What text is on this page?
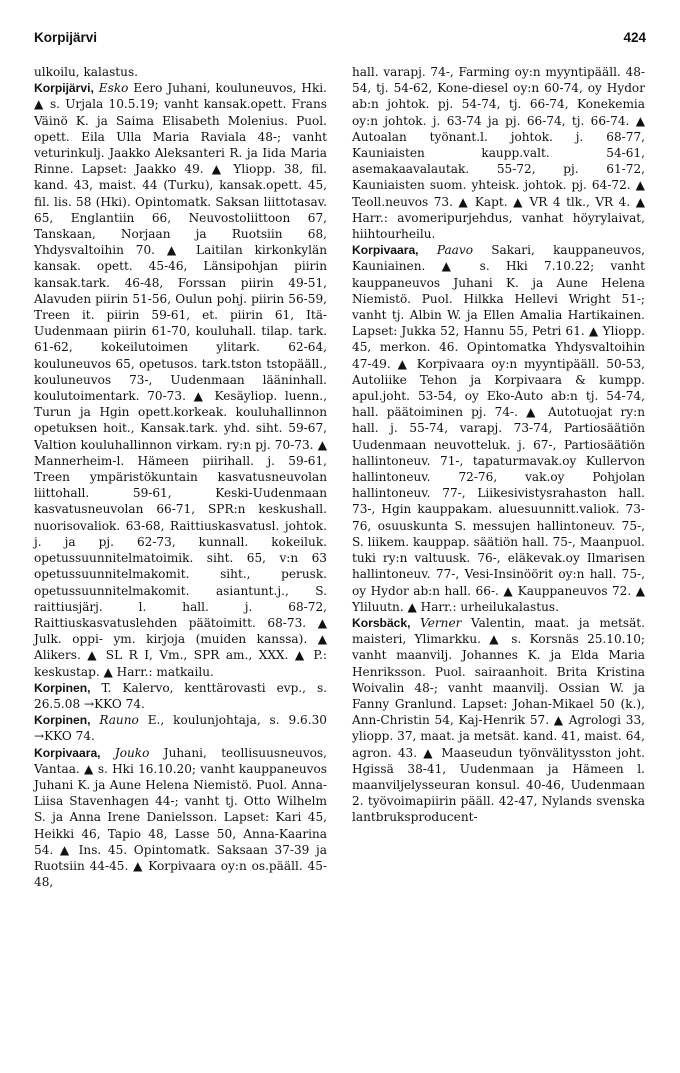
Korpijärvi	424

ulkoilu, kalastus.

Korpijärvi, Esko Eero Juhani, kouluneuvos, Hki. ▲ s. Urjala 10.5.19; vanht kansak.opett. Frans Väinö K. ja Saima Elisabeth Molenius. Puol. opett. Eila Ulla Maria Raviala 48-; vanht veturinkulj. Jaakko Aleksanteri R. ja Iida Maria Rinne. Lapset: Jaakko 49. ▲ Yliopp. 38, fil. kand. 43, maist. 44 (Turku), kansak.opett. 45, fil. lis. 58 (Hki). Opintomatk. Saksan liittotasav. 65, Englantiin 66, Neuvostoliittoon 67, Tanskaan, Norjaan ja Ruotsiin 68, Yhdysvaltoihin 70. ▲ Laitilan kirkonkylän kansak. opett. 45-46, Länsipohjan piirin kansak.tark. 46-48, Forssan piirin 49-51, Alavuden piirin 51-56, Oulun pohj. piirin 56-59, Treen it. piirin 59-61, et. piirin 61, Itä-Uudenmaan piirin 61-70, kouluhall. tilap. tark. 61-62, kokeilutoimen ylitark. 62-64, kouluneuvos 65, opetusos. tark.tston tstopääll., kouluneuvos 73-, Uudenmaan lääninhall. koulutoimentark. 70-73. ▲ Kesäyliop. luenn., Turun ja Hgin opett.korkeak. kouluhallinnon opetuksen hoit., Kansak.tark. yhd. siht. 59-67, Valtion kouluhallinnon virkam. ry:n pj. 70-73. ▲ Mannerheim-l. Hämeen piirihall. j. 59-61, Treen ympäristökuntain kasvatusneuvolan liittohall. 59-61, Keski-Uudenmaan kasvatusneuvolan 66-71, SPR:n keskushall. nuorisovaliok. 63-68, Raittiuskasvatusl. johtok. j. ja pj. 62-73, kunnall. kokeiluk. opetussuunnitelmatoimik. siht. 65, v:n 63 opetussuunnitelmakomit. siht., perusk. opetussuunnitelmakomit. asiantunt.j., S. raittiusjärj. l. hall. j. 68-72, Raittiuskasvatuslehden päätoimitt. 68-73. ▲ Julk. oppi- ym. kirjoja (muiden kanssa). ▲ Alikers. ▲ SL R I, Vm., SPR am., XXX. ▲ P.: keskustap. ▲ Harr.: matkailu.

Korpinen, T. Kalervo, kenttärovasti evp., s. 26.5.08 →KKO 74.

Korpinen, Rauno E., koulunjohtaja, s. 9.6.30 →KKO 74.

Korpivaara, Jouko Juhani, teollisuusneuvos, Vantaa. ▲ s. Hki 16.10.20; vanht kauppaneuvos Juhani K. ja Aune Helena Niemistö. Puol. Anna-Liisa Stavenhagen 44-; vanht tj. Otto Wilhelm S. ja Anna Irene Danielsson. Lapset: Kari 45, Heikki 46, Tapio 48, Lasse 50, Anna-Kaarina 54. ▲ Ins. 45. Opintomatk. Saksaan 37-39 ja Ruotsiin 44-45. ▲ Korpivaara oy:n os.pääll. 45-48,

hall. varapj. 74-, Farming oy:n myyntipääll. 48-54, tj. 54-62, Kone-diesel oy:n 60-74, oy Hydor ab:n johtok. pj. 54-74, tj. 66-74, Konekemia oy:n johtok. j. 63-74 ja pj. 66-74, tj. 66-74. ▲ Autoalan työnant.l. johtok. j. 68-77, Kauniaisten kaupp.valt. 54-61, asemakaavalautak. 55-72, pj. 61-72, Kauniaisten suom. yhteisk. johtok. pj. 64-72. ▲ Teoll.neuvos 73. ▲ Kapt. ▲ VR 4 tlk., VR 4. ▲ Harr.: avomeripurjehdus, vanhat höyrylaivat, hiihtourheilu.

Korpivaara, Paavo Sakari, kauppaneuvos, Kauniainen. ▲ s. Hki 7.10.22; vanht kauppaneuvos Juhani K. ja Aune Helena Niemistö. Puol. Hilkka Hellevi Wright 51-; vanht tj. Albin W. ja Ellen Amalia Hartikainen. Lapset: Jukka 52, Hannu 55, Petri 61. ▲ Yliopp. 45, merkon. 46. Opintomatka Yhdysvaltoihin 47-49. ▲ Korpivaara oy:n myyntipääll. 50-53, Autoliike Tehon ja Korpivaara & kumpp. apul.joht. 53-54, oy Eko-Auto ab:n tj. 54-74, hall. päätoiminen pj. 74-. ▲ Autotuojat ry:n hall. j. 55-74, varapj. 73-74, Partiosäätiön Uudenmaan neuvotteluk. j. 67-, Partiosäätiön hallintoneuv. 71-, tapaturmavak.oy Kullervon hallintoneuv. 72-76, vak.oy Pohjolan hallintoneuv. 77-, Liikesivistysrahaston hall. 73-, Hgin kauppakam. aluesuunnitt.valiok. 73-76, osuuskunta S. messujen hallintoneuv. 75-, S. liikem. kauppap. säätiön hall. 75-, Maanpuol. tuki ry:n valtuusk. 76-, eläkevak.oy Ilmarisen hallintoneuv. 77-, Vesi-Insinöörit oy:n hall. 75-, oy Hydor ab:n hall. 66-. ▲ Kauppaneuvos 72. ▲ Yliluutn. ▲ Harr.: urheilukalastus.

Korsbäck, Verner Valentin, maat. ja metsät. maisteri, Ylimarkku. ▲ s. Korsnäs 25.10.10; vanht maanvilj. Johannes K. ja Elda Maria Henriksson. Puol. sairaanhoit. Brita Kristina Woivalin 48-; vanht maanvilj. Ossian W. ja Fanny Granlund. Lapset: Johan-Mikael 50 (k.), Ann-Christin 54, Kaj-Henrik 57. ▲ Agrologi 33, yliopp. 37, maat. ja metsät. kand. 41, maist. 64, agron. 43. ▲ Maaseudun työnvälitysston joht. Hgissä 38-41, Uudenmaan ja Hämeen l. maanviljelysseuran konsul. 40-46, Uudenmaan 2. työvoimapiirin pääll. 42-47, Nylands svenska lantbruksproducent-
